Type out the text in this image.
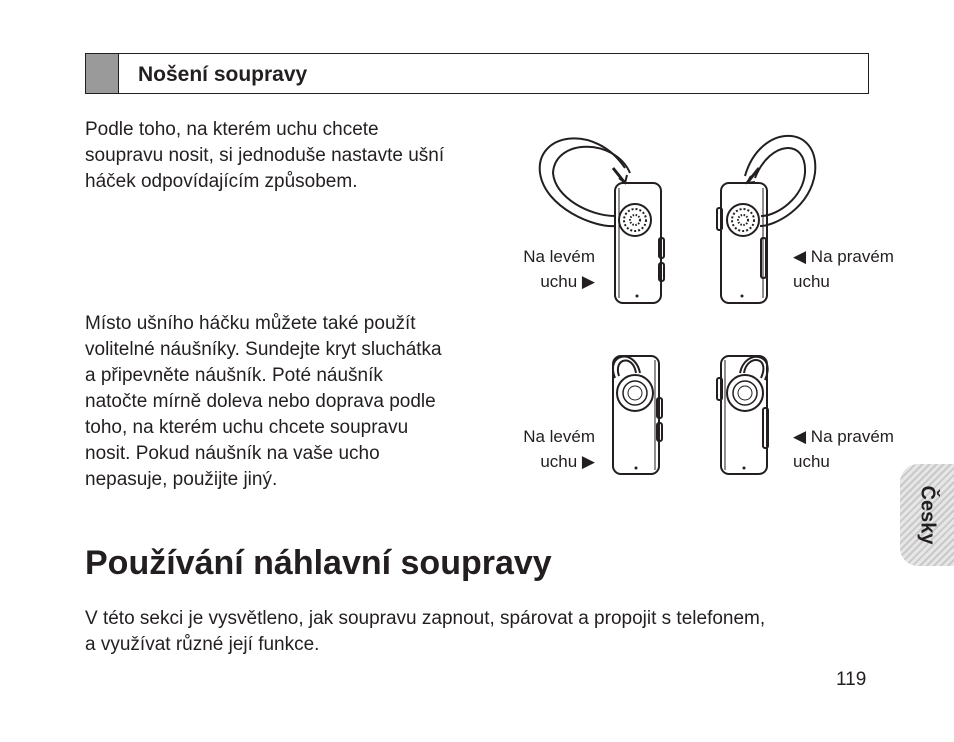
Nošení soupravy
Podle toho, na kterém uchu chcete
soupravu nosit, si jednoduše nastavte ušní
háček odpovídajícím způsobem.
Místo ušního háčku můžete také použít
volitelné náušníky. Sundejte kryt sluchátka
a připevněte náušník. Poté náušník
natočte mírně doleva nebo doprava podle
toho, na kterém uchu chcete soupravu
nosit. Pokud náušník na vaše ucho
nepasuje, použijte jiný.
Na levém
uchu ▶
◀ Na pravém
uchu
Na levém
uchu ▶
◀ Na pravém
uchu
Česky
Používání náhlavní soupravy
V této sekci je vysvětleno, jak soupravu zapnout, spárovat a propojit s telefonem,
a využívat různé její funkce.
119
